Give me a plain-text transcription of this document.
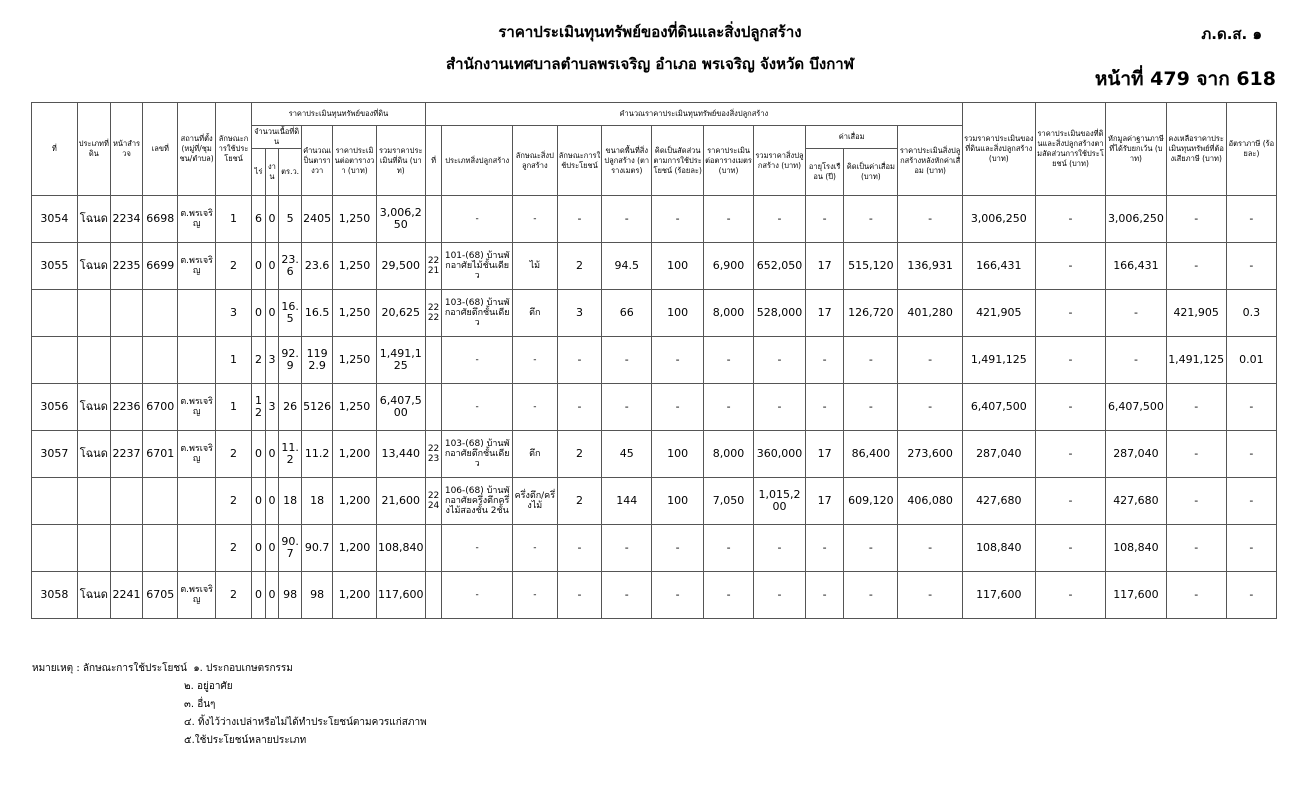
ราคาประเมินทุนทรัพย์ของที่ดินและสิ่งปลูกสร้าง
สำนักงานเทศบาลตำบลพรเจริญ อำเภอ พรเจริญ จังหวัด บึงกาฬ
ภ.ด.ส. ๑
หน้าที่ 479 จาก 618
ที่	ประเภทที่ดิน	หน้าสำรวจ	เลขที่	สถานที่ตั้ง(หมู่ที่/ชุมชน/ตำบล)	ลักษณะการใช้ประโยชน์	ราคาประเมินทุนทรัพย์ของที่ดิน						คำนวณราคาประเมินทุนทรัพย์ของสิ่งปลูกสร้าง											รวมราคาประเมินของที่ดินและสิ่งปลูกสร้าง (บาท)	ราคาประเมินของที่ดินและสิ่งปลูกสร้างตามสัดส่วนการใช้ประโยชน์ (บาท)	หักมูลค่าฐานภาษีที่ได้รับยกเว้น (บาท)	คงเหลือราคาประเมินทุนทรัพย์ที่ต้องเสียภาษี (บาท)	อัตราภาษี (ร้อยละ)
						จำนวนเนื้อที่ดิน			คำนวณเป็นตารางวา	ราคาประเมินต่อตารางวา (บาท)	รวมราคาประเมินที่ดิน (บาท)	ที่	ประเภทสิ่งปลูกสร้าง	ลักษณะสิ่งปลูกสร้าง	ลักษณะการใช้ประโยชน์	ขนาดพื้นที่สิ่งปลูกสร้าง (ตารางเมตร)	คิดเป็นสัดส่วนตามการใช้ประโยชน์ (ร้อยละ)	ราคาประเมินต่อตารางเมตร (บาท)	รวมราคาสิ่งปลูกสร้าง (บาท)	ค่าเสื่อม		ราคาประเมินสิ่งปลูกสร้างหลังหักค่าเสื่อม (บาท)					
						ไร่	งาน	ตร.ว.												อายุโรงเรือน (ปี)	คิดเป็นค่าเสื่อม (บาท)						
3054	โฉนด	2234	6698	ต.พรเจริญ	1	6	0	5	2405	1,250	3,006,250		-	-	-	-	-	-	-	-	-	-	3,006,250	-	3,006,250	-	-
3055	โฉนด	2235	6699	ต.พรเจริญ	2	0	0	23.6	23.6	1,250	29,500	2221	101-(68) บ้านพักอาศัยไม้ชั้นเดียว	ไม้	2	94.5	100	6,900	652,050	17	515,120	136,931	166,431	-	166,431	-	-
					3	0	0	16.5	16.5	1,250	20,625	2222	103-(68) บ้านพักอาศัยตึกชั้นเดียว	ตึก	3	66	100	8,000	528,000	17	126,720	401,280	421,905	-	-	421,905	0.3
					1	2	3	92.9	1192.9	1,250	1,491,125		-	-	-	-	-	-	-	-	-	-	1,491,125	-	-	1,491,125	0.01
3056	โฉนด	2236	6700	ต.พรเจริญ	1	12	3	26	5126	1,250	6,407,500		-	-	-	-	-	-	-	-	-	-	6,407,500	-	6,407,500	-	-
3057	โฉนด	2237	6701	ต.พรเจริญ	2	0	0	11.2	11.2	1,200	13,440	2223	103-(68) บ้านพักอาศัยตึกชั้นเดียว	ตึก	2	45	100	8,000	360,000	17	86,400	273,600	287,040	-	287,040	-	-
					2	0	0	18	18	1,200	21,600	2224	106-(68) บ้านพักอาศัยครึ่งตึกครึ่งไม้สองชั้น 2ชั้น	ครึ่งตึก/ครึ่งไม้	2	144	100	7,050	1,015,200	17	609,120	406,080	427,680	-	427,680	-	-
					2	0	0	90.7	90.7	1,200	108,840		-	-	-	-	-	-	-	-	-	-	108,840	-	108,840	-	-
3058	โฉนด	2241	6705	ต.พรเจริญ	2	0	0	98	98	1,200	117,600		-	-	-	-	-	-	-	-	-	-	117,600	-	117,600	-	-
หมายเหตุ : ลักษณะการใช้ประโยชน์ ๑. ประกอบเกษตรกรรม
๒. อยู่อาศัย
๓. อื่นๆ
๔. ทิ้งไว้ว่างเปล่าหรือไม่ได้ทำประโยชน์ตามควรแก่สภาพ
๕.ใช้ประโยชน์หลายประเภท
